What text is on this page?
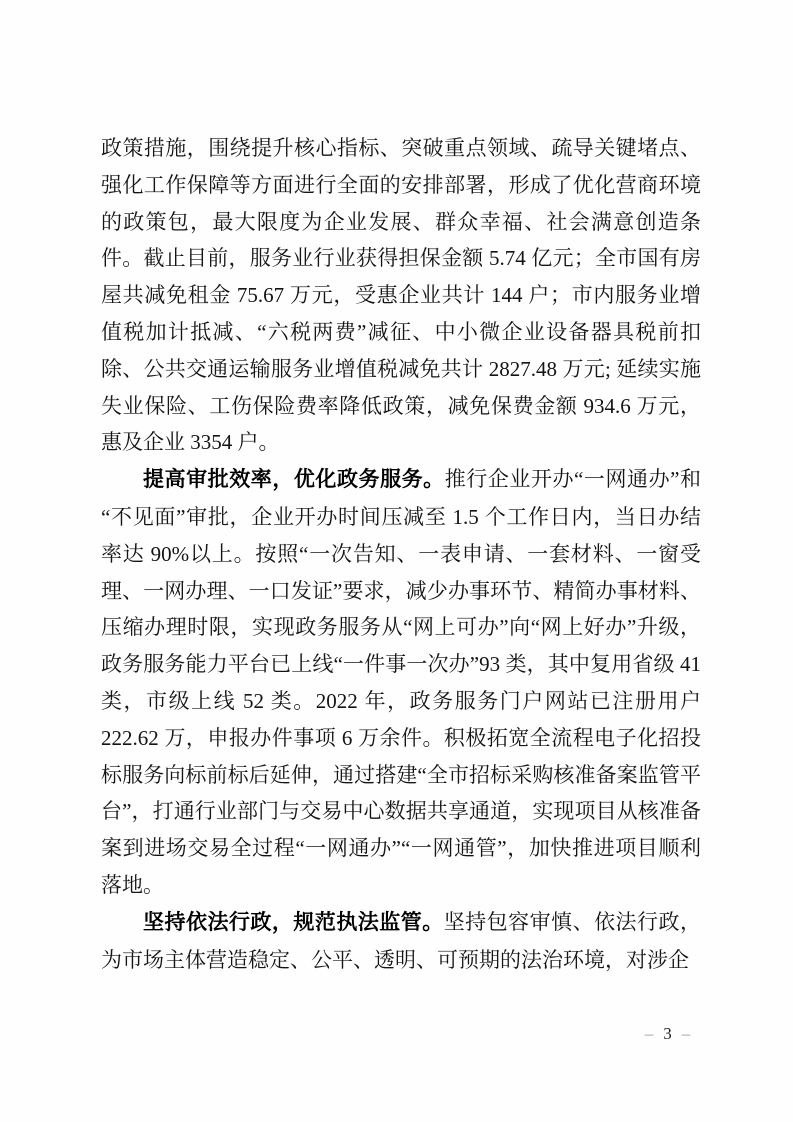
政策措施，围绕提升核心指标、突破重点领域、疏导关键堵点、强化工作保障等方面进行全面的安排部署，形成了优化营商环境的政策包，最大限度为企业发展、群众幸福、社会满意创造条件。截止目前，服务业行业获得担保金额 5.74 亿元；全市国有房屋共减免租金 75.67 万元，受惠企业共计 144 户；市内服务业增值税加计抵减、“六税两费”减征、中小微企业设备器具税前扣除、公共交通运输服务业增值税减免共计 2827.48 万元; 延续实施失业保险、工伤保险费率降低政策，减免保费金额 934.6 万元，惠及企业 3354 户。

提高审批效率，优化政务服务。推行企业开办“一网通办”和“不见面”审批，企业开办时间压减至 1.5 个工作日内，当日办结率达 90%以上。按照“一次告知、一表申请、一套材料、一窗受理、一网办理、一口发证”要求，减少办事环节、精简办事材料、压缩办理时限，实现政务服务从“网上可办”向“网上好办”升级，政务服务能力平台已上线“一件事一次办”93 类，其中复用省级 41 类，市级上线 52 类。2022 年，政务服务门户网站已注册用户 222.62 万，申报办件事项 6 万余件。积极拓宽全流程电子化招投标服务向标前标后延伸，通过搭建“全市招标采购核准备案监管平台”，打通行业部门与交易中心数据共享通道，实现项目从核准备案到进场交易全过程“一网通办”“一网通管”，加快推进项目顺利落地。

坚持依法行政，规范执法监管。坚持包容审慎、依法行政，为市场主体营造稳定、公平、透明、可预期的法治环境，对涉企

– 3 –
